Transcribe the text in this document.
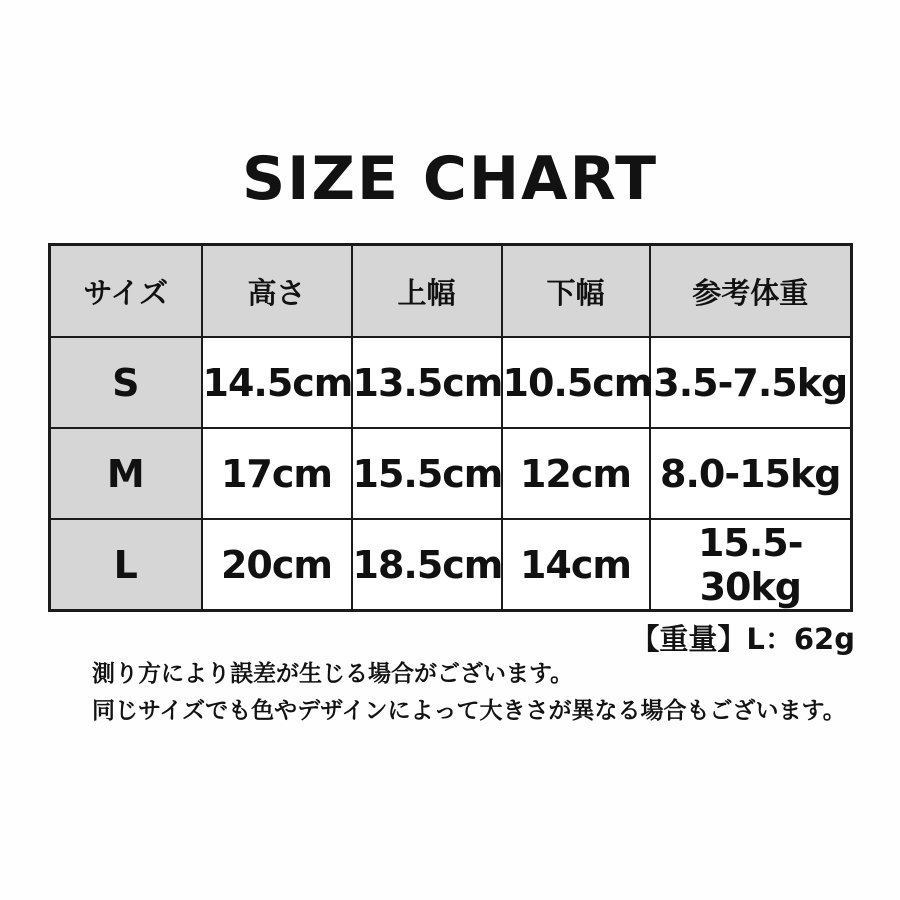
SIZE CHART
サイズ	高さ	上幅	下幅	参考体重
S	14.5cm	13.5cm	10.5cm	3.5-7.5kg
M	17cm	15.5cm	12cm	8.0-15kg
L	20cm	18.5cm	14cm	15.5-30kg
【重量】L：62g
測り方により誤差が生じる場合がございます。
同じサイズでも色やデザインによって大きさが異なる場合もございます。
